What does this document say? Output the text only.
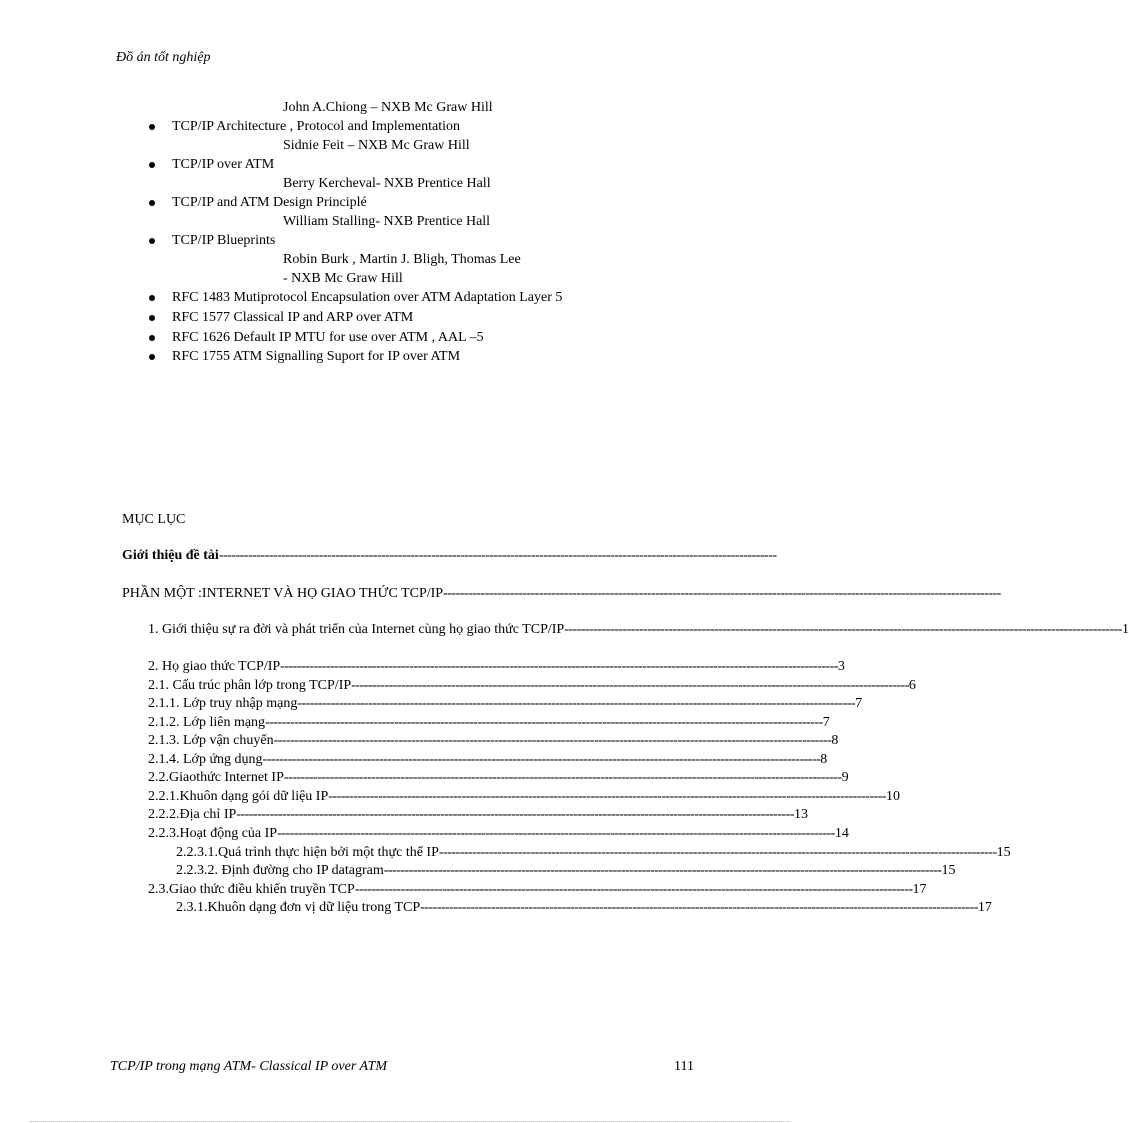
Đồ án tốt nghiệp
John A.Chiong – NXB Mc Graw Hill
TCP/IP Architecture , Protocol and Implementation
Sidnie Feit – NXB Mc Graw Hill
TCP/IP over ATM
Berry Kercheval- NXB Prentice Hall
TCP/IP and ATM Design Principlé
William Stalling- NXB Prentice Hall
TCP/IP Blueprints
Robin Burk , Martin J. Bligh, Thomas Lee
- NXB Mc Graw Hill
RFC 1483 Mutiprotocol Encapsulation over ATM Adaptation Layer 5
RFC 1577 Classical IP and ARP over ATM
RFC 1626 Default IP MTU for use over ATM , AAL –5
RFC 1755 ATM Signalling Suport for IP over ATM
MỤC LỤC
Giới thiệu đề tài --------------------------------------------------------------------------------------------------------------------------------------
PHẦN MỘT :INTERNET VÀ HỌ GIAO THỨC TCP/IP --------------------------------------------------------------------------------------------------------------------------------------
1. Giới thiệu sự ra đời và phát triển của Internet cùng họ giao thức TCP/IP -------------------------------------------------------------------------------------------------------------------------------------- 1
2. Họ giao thức TCP/IP -------------------------------------------------------------------------------------------------------------------------------------- 3
2.1. Cấu trúc phân lớp trong TCP/IP -------------------------------------------------------------------------------------------------------------------------------------- 6
2.1.1. Lớp truy nhập mạng -------------------------------------------------------------------------------------------------------------------------------------- 7
2.1.2. Lớp liên mạng -------------------------------------------------------------------------------------------------------------------------------------- 7
2.1.3. Lớp vận chuyển -------------------------------------------------------------------------------------------------------------------------------------- 8
2.1.4. Lớp ứng dụng -------------------------------------------------------------------------------------------------------------------------------------- 8
2.2.Giaothức Internet IP -------------------------------------------------------------------------------------------------------------------------------------- 9
2.2.1.Khuôn dạng gói dữ liệu IP -------------------------------------------------------------------------------------------------------------------------------------- 10
2.2.2.Địa chỉ IP -------------------------------------------------------------------------------------------------------------------------------------- 13
2.2.3.Hoạt động của IP -------------------------------------------------------------------------------------------------------------------------------------- 14
2.2.3.1.Quá trình thực hiện bởi một thực thể IP -------------------------------------------------------------------------------------------------------------------------------------- 15
2.2.3.2. Định đường cho IP datagram -------------------------------------------------------------------------------------------------------------------------------------- 15
2.3.Giao thức điều khiển truyền TCP -------------------------------------------------------------------------------------------------------------------------------------- 17
2.3.1.Khuôn dạng đơn vị dữ liệu trong TCP -------------------------------------------------------------------------------------------------------------------------------------- 17
TCP/IP trong mạng ATM- Classical IP over ATM	111
